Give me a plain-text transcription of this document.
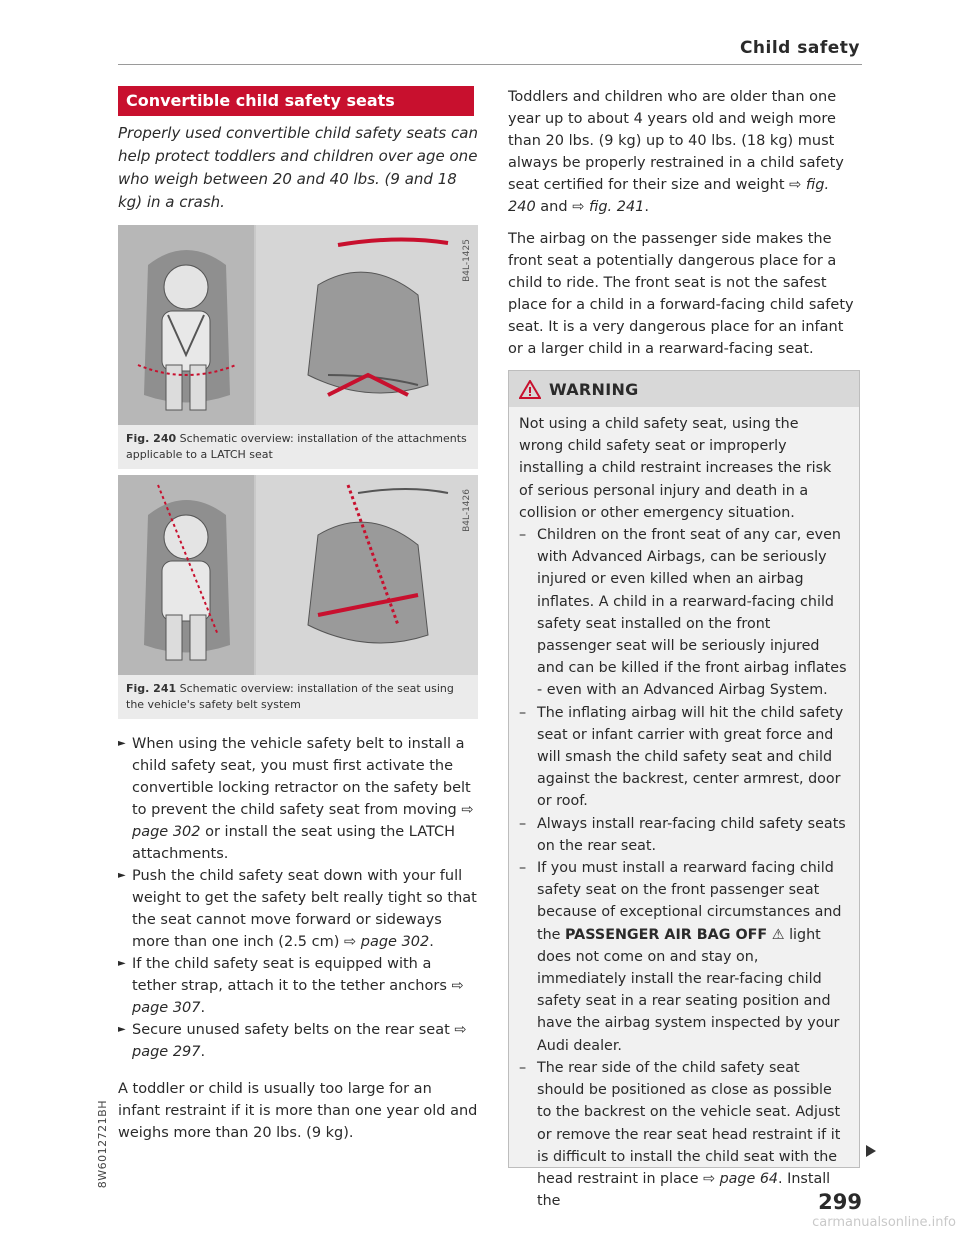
Child safety
Convertible child safety seats
Properly used convertible child safety seats can help protect toddlers and children over age one who weigh between 20 and 40 lbs. (9 and 18 kg) in a crash.
B4L-1425
Fig. 240 Schematic overview: installation of the attachments applicable to a LATCH seat
B4L-1426
Fig. 241 Schematic overview: installation of the seat using the vehicle's safety belt system
► When using the vehicle safety belt to install a child safety seat, you must first activate the convertible locking retractor on the safety belt to prevent the child safety seat from moving ⇨ page 302 or install the seat using the LATCH attachments.
► Push the child safety seat down with your full weight to get the safety belt really tight so that the seat cannot move forward or sideways more than one inch (2.5 cm) ⇨ page 302.
► If the child safety seat is equipped with a tether strap, attach it to the tether anchors ⇨ page 307.
► Secure unused safety belts on the rear seat ⇨ page 297.
A toddler or child is usually too large for an infant restraint if it is more than one year old and weighs more than 20 lbs. (9 kg).
Toddlers and children who are older than one year up to about 4 years old and weigh more than 20 lbs. (9 kg) up to 40 lbs. (18 kg) must always be properly restrained in a child safety seat certified for their size and weight ⇨ fig. 240 and ⇨ fig. 241.
The airbag on the passenger side makes the front seat a potentially dangerous place for a child to ride. The front seat is not the safest place for a child in a forward-facing child safety seat. It is a very dangerous place for an infant or a larger child in a rearward-facing seat.
WARNING
Not using a child safety seat, using the wrong child safety seat or improperly installing a child restraint increases the risk of serious personal injury and death in a collision or other emergency situation.
– Children on the front seat of any car, even with Advanced Airbags, can be seriously injured or even killed when an airbag inflates. A child in a rearward-facing child safety seat installed on the front passenger seat will be seriously injured and can be killed if the front airbag inflates - even with an Advanced Airbag System.
– The inflating airbag will hit the child safety seat or infant carrier with great force and will smash the child safety seat and child against the backrest, center armrest, door or roof.
– Always install rear-facing child safety seats on the rear seat.
– If you must install a rearward facing child safety seat on the front passenger seat because of exceptional circumstances and the PASSENGER AIR BAG OFF ⚠ light does not come on and stay on, immediately install the rear-facing child safety seat in a rear seating position and have the airbag system inspected by your Audi dealer.
– The rear side of the child safety seat should be positioned as close as possible to the backrest on the vehicle seat. Adjust or remove the rear seat head restraint if it is difficult to install the child seat with the head restraint in place ⇨ page 64. Install the	299
8W6012721BH
carmanualsonline.info
